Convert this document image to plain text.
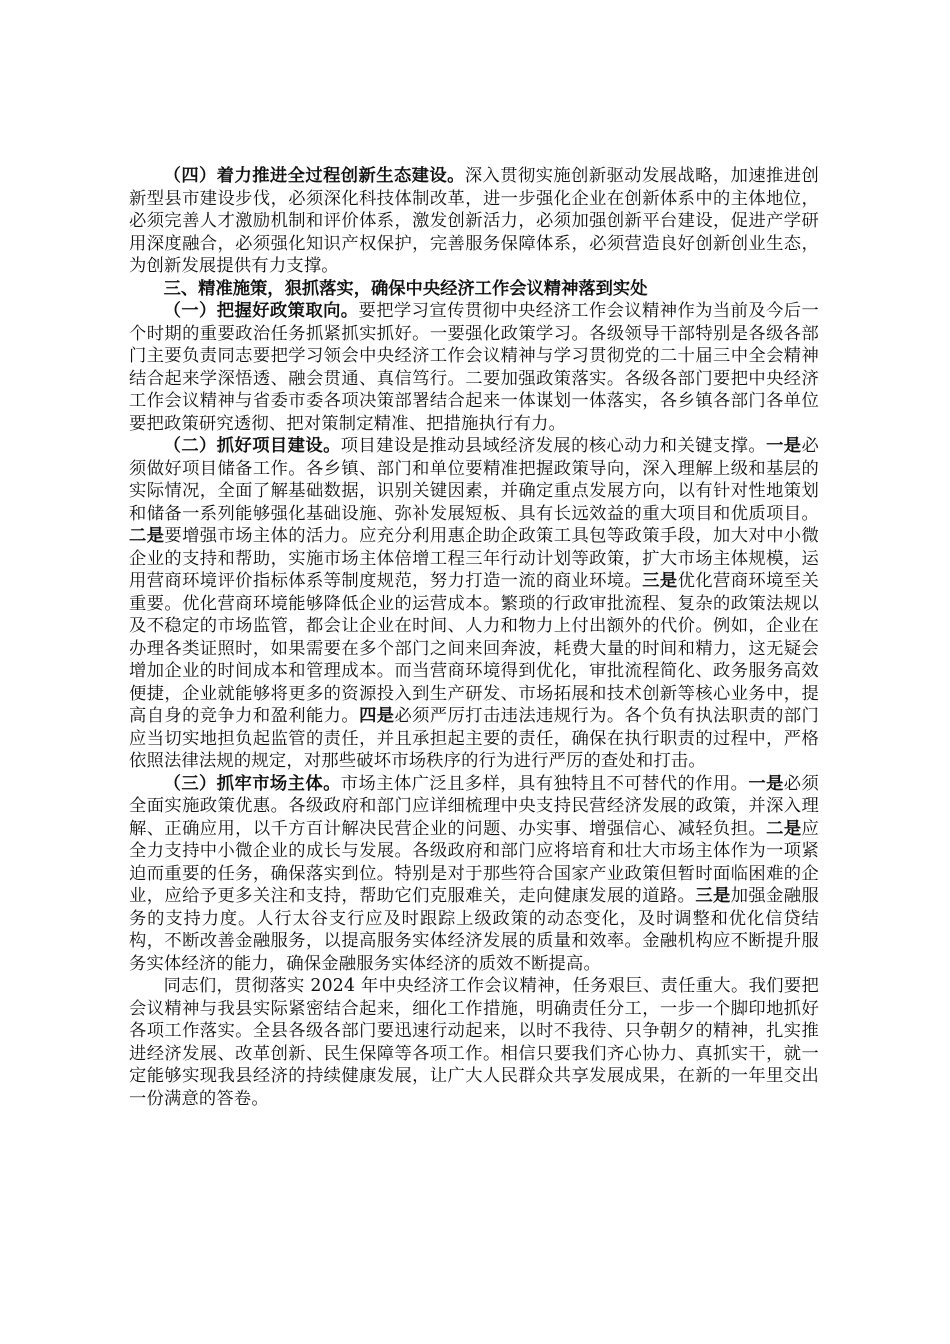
（四）着力推进全过程创新生态建设。深入贯彻实施创新驱动发展战略，加速推进创新型县市建设步伐，必须深化科技体制改革，进一步强化企业在创新体系中的主体地位，必须完善人才激励机制和评价体系，激发创新活力，必须加强创新平台建设，促进产学研用深度融合，必须强化知识产权保护，完善服务保障体系，必须营造良好创新创业生态，为创新发展提供有力支撑。

三、精准施策，狠抓落实，确保中央经济工作会议精神落到实处

（一）把握好政策取向。要把学习宣传贯彻中央经济工作会议精神作为当前及今后一个时期的重要政治任务抓紧抓实抓好。一要强化政策学习。各级领导干部特别是各级各部门主要负责同志要把学习领会中央经济工作会议精神与学习贯彻党的二十届三中全会精神结合起来学深悟透、融会贯通、真信笃行。二要加强政策落实。各级各部门要把中央经济工作会议精神与省委市委各项决策部署结合起来一体谋划一体落实，各乡镇各部门各单位要把政策研究透彻、把对策制定精准、把措施执行有力。

（二）抓好项目建设。项目建设是推动县域经济发展的核心动力和关键支撑。一是必须做好项目储备工作。各乡镇、部门和单位要精准把握政策导向，深入理解上级和基层的实际情况，全面了解基础数据，识别关键因素，并确定重点发展方向，以有针对性地策划和储备一系列能够强化基础设施、弥补发展短板、具有长远效益的重大项目和优质项目。二是要增强市场主体的活力。应充分利用惠企助企政策工具包等政策手段，加大对中小微企业的支持和帮助，实施市场主体倍增工程三年行动计划等政策，扩大市场主体规模，运用营商环境评价指标体系等制度规范，努力打造一流的商业环境。三是优化营商环境至关重要。优化营商环境能够降低企业的运营成本。繁琐的行政审批流程、复杂的政策法规以及不稳定的市场监管，都会让企业在时间、人力和物力上付出额外的代价。例如，企业在办理各类证照时，如果需要在多个部门之间来回奔波，耗费大量的时间和精力，这无疑会增加企业的时间成本和管理成本。而当营商环境得到优化，审批流程简化、政务服务高效便捷，企业就能够将更多的资源投入到生产研发、市场拓展和技术创新等核心业务中，提高自身的竞争力和盈利能力。四是必须严厉打击违法违规行为。各个负有执法职责的部门应当切实地担负起监管的责任，并且承担起主要的责任，确保在执行职责的过程中，严格依照法律法规的规定，对那些破坏市场秩序的行为进行严厉的查处和打击。

（三）抓牢市场主体。市场主体广泛且多样，具有独特且不可替代的作用。一是必须全面实施政策优惠。各级政府和部门应详细梳理中央支持民营经济发展的政策，并深入理解、正确应用，以千方百计解决民营企业的问题、办实事、增强信心、减轻负担。二是应全力支持中小微企业的成长与发展。各级政府和部门应将培育和壮大市场主体作为一项紧迫而重要的任务，确保落实到位。特别是对于那些符合国家产业政策但暂时面临困难的企业，应给予更多关注和支持，帮助它们克服难关，走向健康发展的道路。三是加强金融服务的支持力度。人行太谷支行应及时跟踪上级政策的动态变化，及时调整和优化信贷结构，不断改善金融服务，以提高服务实体经济发展的质量和效率。金融机构应不断提升服务实体经济的能力，确保金融服务实体经济的质效不断提高。

同志们，贯彻落实 2024 年中央经济工作会议精神，任务艰巨、责任重大。我们要把会议精神与我县实际紧密结合起来，细化工作措施，明确责任分工，一步一个脚印地抓好各项工作落实。全县各级各部门要迅速行动起来，以时不我待、只争朝夕的精神，扎实推进经济发展、改革创新、民生保障等各项工作。相信只要我们齐心协力、真抓实干，就一定能够实现我县经济的持续健康发展，让广大人民群众共享发展成果，在新的一年里交出一份满意的答卷。
